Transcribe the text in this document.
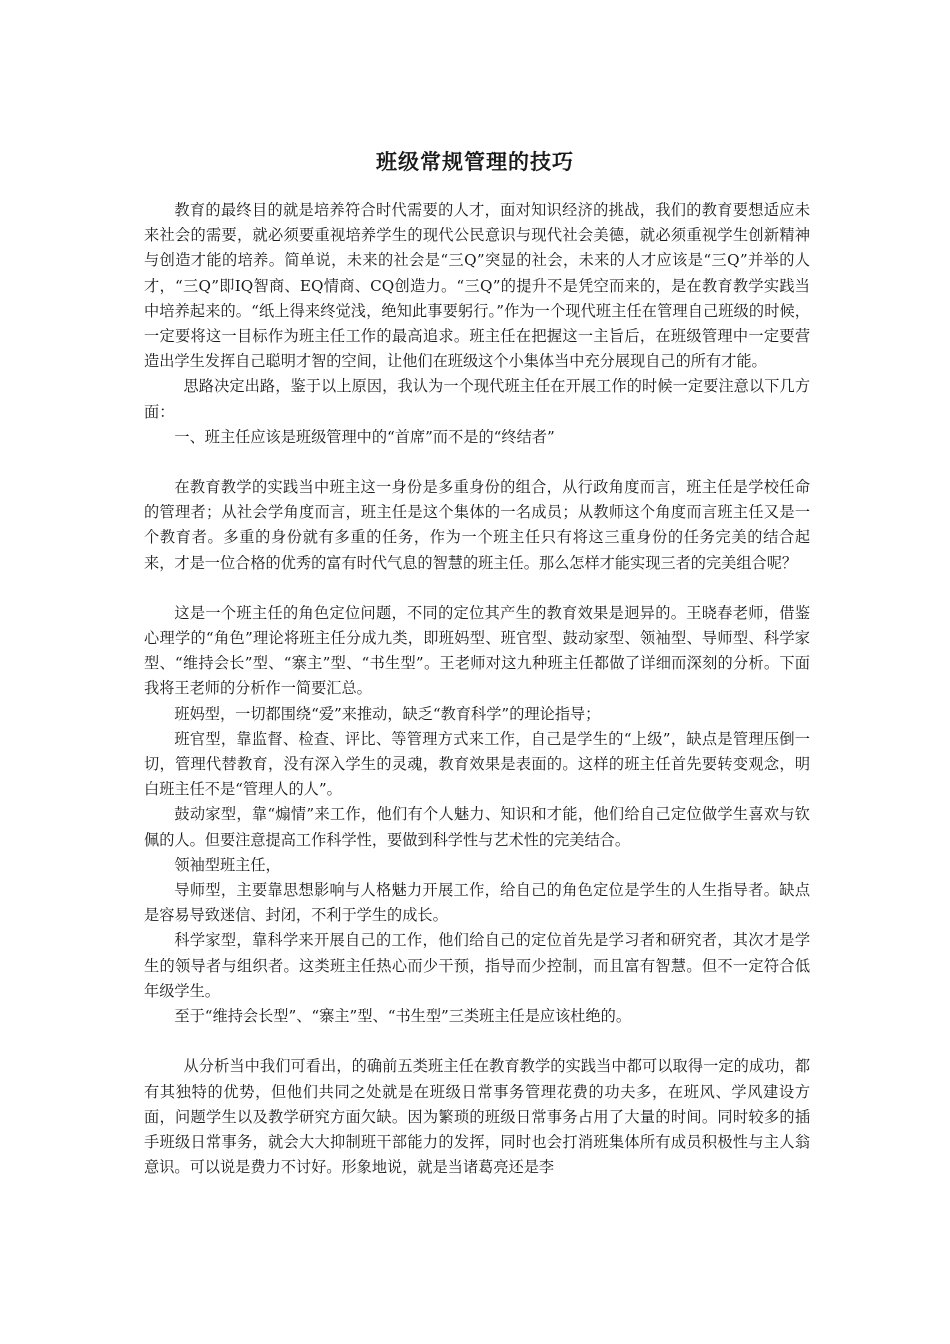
班级常规管理的技巧

教育的最终目的就是培养符合时代需要的人才，面对知识经济的挑战，我们的教育要想适应未来社会的需要，就必须要重视培养学生的现代公民意识与现代社会美德，就必须重视学生创新精神与创造才能的培养。简单说，未来的社会是“三Q”突显的社会，未来的人才应该是“三Q”并举的人才，“三Q”即IQ智商、EQ情商、CQ创造力。“三Q”的提升不是凭空而来的，是在教育教学实践当中培养起来的。“纸上得来终觉浅，绝知此事要躬行。”作为一个现代班主任在管理自己班级的时候，一定要将这一目标作为班主任工作的最高追求。班主任在把握这一主旨后，在班级管理中一定要营造出学生发挥自己聪明才智的空间，让他们在班级这个小集体当中充分展现自己的所有才能。

思路决定出路，鉴于以上原因，我认为一个现代班主任在开展工作的时候一定要注意以下几方面：

一、班主任应该是班级管理中的“首席”而不是的“终结者”

在教育教学的实践当中班主这一身份是多重身份的组合，从行政角度而言，班主任是学校任命的管理者；从社会学角度而言，班主任是这个集体的一名成员；从教师这个角度而言班主任又是一个教育者。多重的身份就有多重的任务，作为一个班主任只有将这三重身份的任务完美的结合起来，才是一位合格的优秀的富有时代气息的智慧的班主任。那么怎样才能实现三者的完美组合呢？

这是一个班主任的角色定位问题，不同的定位其产生的教育效果是迥异的。王晓春老师，借鉴心理学的“角色”理论将班主任分成九类，即班妈型、班官型、鼓动家型、领袖型、导师型、科学家型、“维持会长”型、“寨主”型、“书生型”。王老师对这九种班主任都做了详细而深刻的分析。下面我将王老师的分析作一简要汇总。

班妈型，一切都围绕“爱”来推动，缺乏“教育科学”的理论指导；

班官型，靠监督、检查、评比、等管理方式来工作，自己是学生的“上级”，缺点是管理压倒一切，管理代替教育，没有深入学生的灵魂，教育效果是表面的。这样的班主任首先要转变观念，明白班主任不是“管理人的人”。

鼓动家型，靠“煽情”来工作，他们有个人魅力、知识和才能，他们给自己定位做学生喜欢与钦佩的人。但要注意提高工作科学性，要做到科学性与艺术性的完美结合。

领袖型班主任，

导师型，主要靠思想影响与人格魅力开展工作，给自己的角色定位是学生的人生指导者。缺点是容易导致迷信、封闭，不利于学生的成长。

科学家型，靠科学来开展自己的工作，他们给自己的定位首先是学习者和研究者，其次才是学生的领导者与组织者。这类班主任热心而少干预，指导而少控制，而且富有智慧。但不一定符合低年级学生。

至于“维持会长型”、“寨主”型、“书生型”三类班主任是应该杜绝的。

从分析当中我们可看出，的确前五类班主任在教育教学的实践当中都可以取得一定的成功，都有其独特的优势，但他们共同之处就是在班级日常事务管理花费的功夫多，在班风、学风建设方面，问题学生以及教学研究方面欠缺。因为繁琐的班级日常事务占用了大量的时间。同时较多的插手班级日常事务，就会大大抑制班干部能力的发挥，同时也会打消班集体所有成员积极性与主人翁意识。可以说是费力不讨好。形象地说，就是当诸葛亮还是李
